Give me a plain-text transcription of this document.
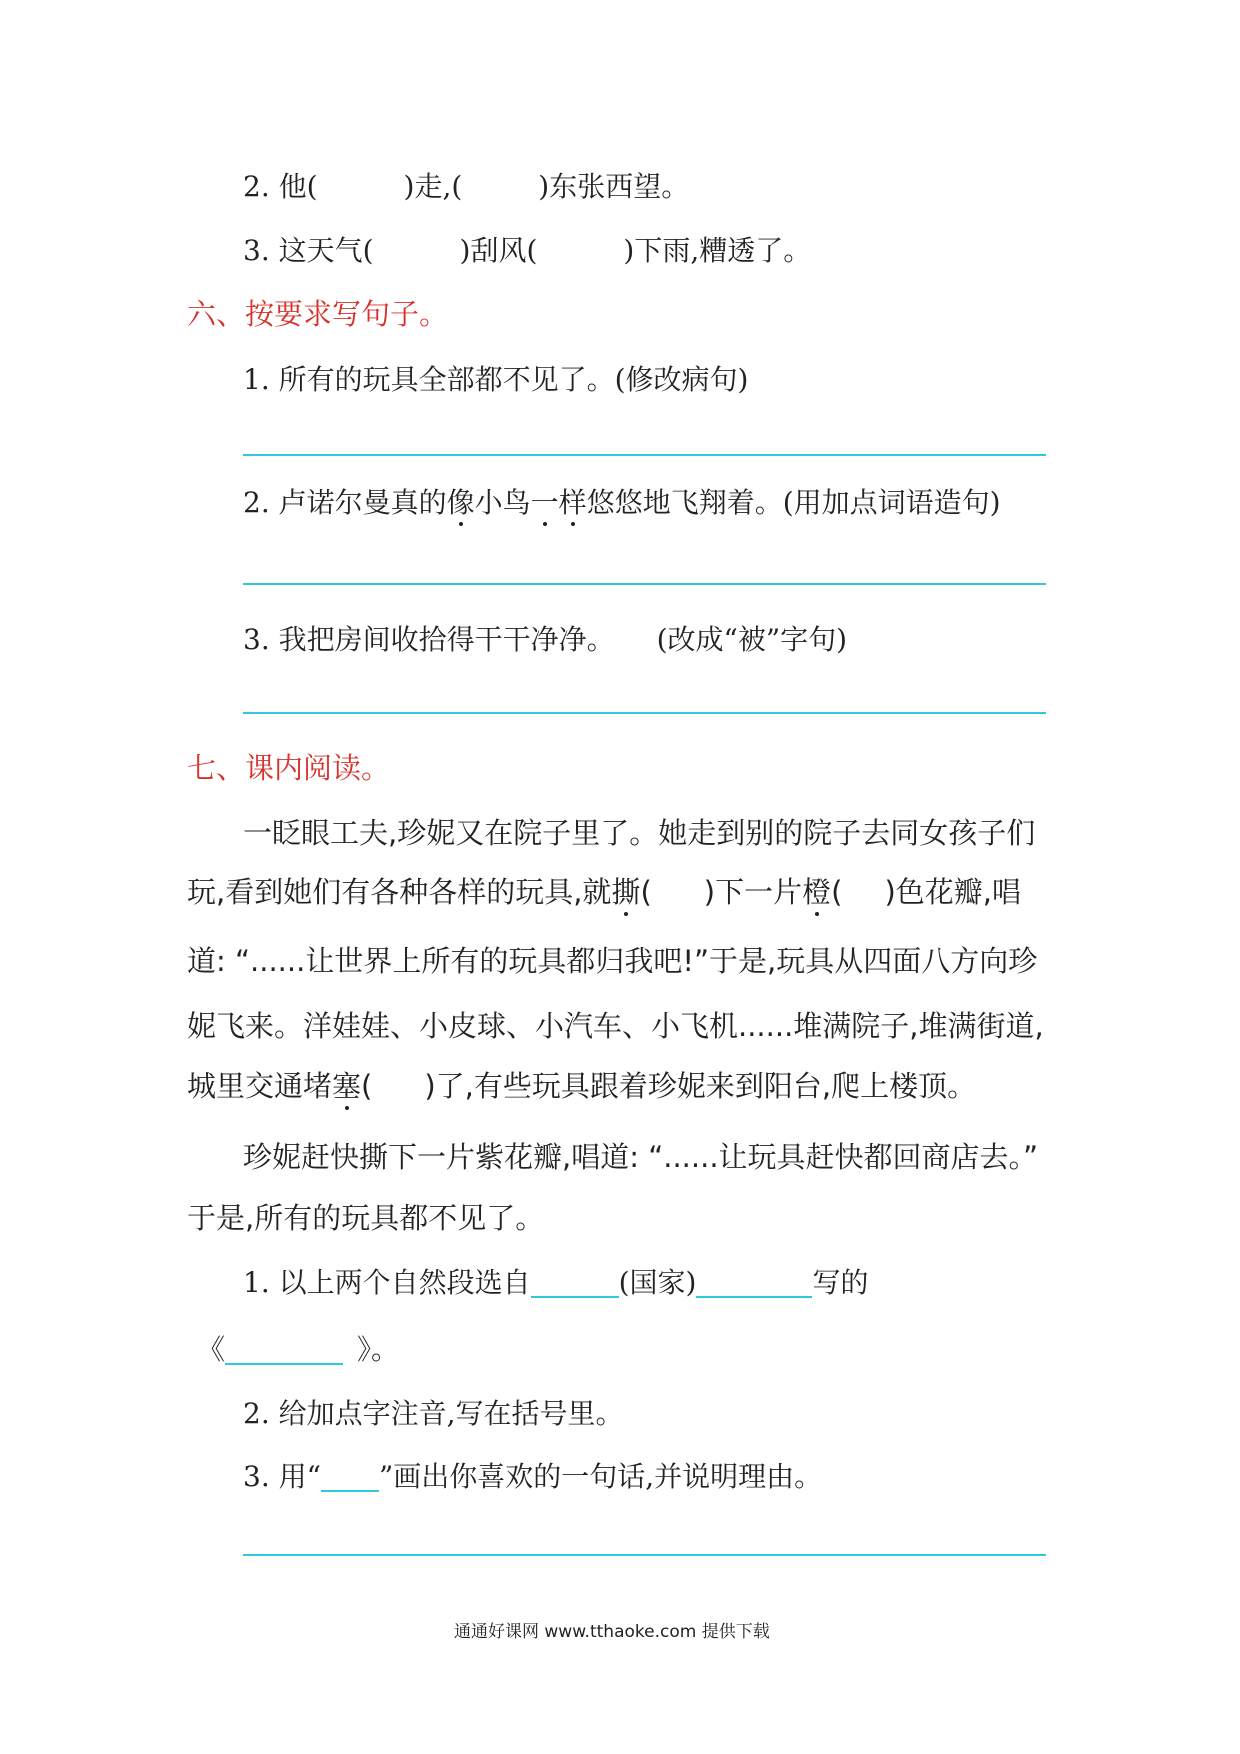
2. 他(	)走,(	)东张西望。
3. 这天气(	)刮风(	)下雨,糟透了。
六、按要求写句子。
1. 所有的玩具全部都不见了。(修改病句)
2. 卢诺尔曼真的像小鸟一样悠悠地飞翔着。(用加点词语造句)
3. 我把房间收拾得干干净净。 (改成“被”字句)
七、课内阅读。
一眨眼工夫,珍妮又在院子里了。她走到别的院子去同女孩子们
玩,看到她们有各种各样的玩具,就撕( )下一片橙( )色花瓣,唱
道: “......让世界上所有的玩具都归我吧!”于是,玩具从四面八方向珍
妮飞来。洋娃娃、小皮球、小汽车、小飞机......堆满院子,堆满街道,
城里交通堵塞( )了,有些玩具跟着珍妮来到阳台,爬上楼顶。
珍妮赶快撕下一片紫花瓣,唱道: “......让玩具赶快都回商店去。”
于是,所有的玩具都不见了。
1. 以上两个自然段选自	(国家)	写的
《	》。
2. 给加点字注音,写在括号里。
3. 用“ ”画出你喜欢的一句话,并说明理由。
通通好课网 www.tthaoke.com 提供下载
